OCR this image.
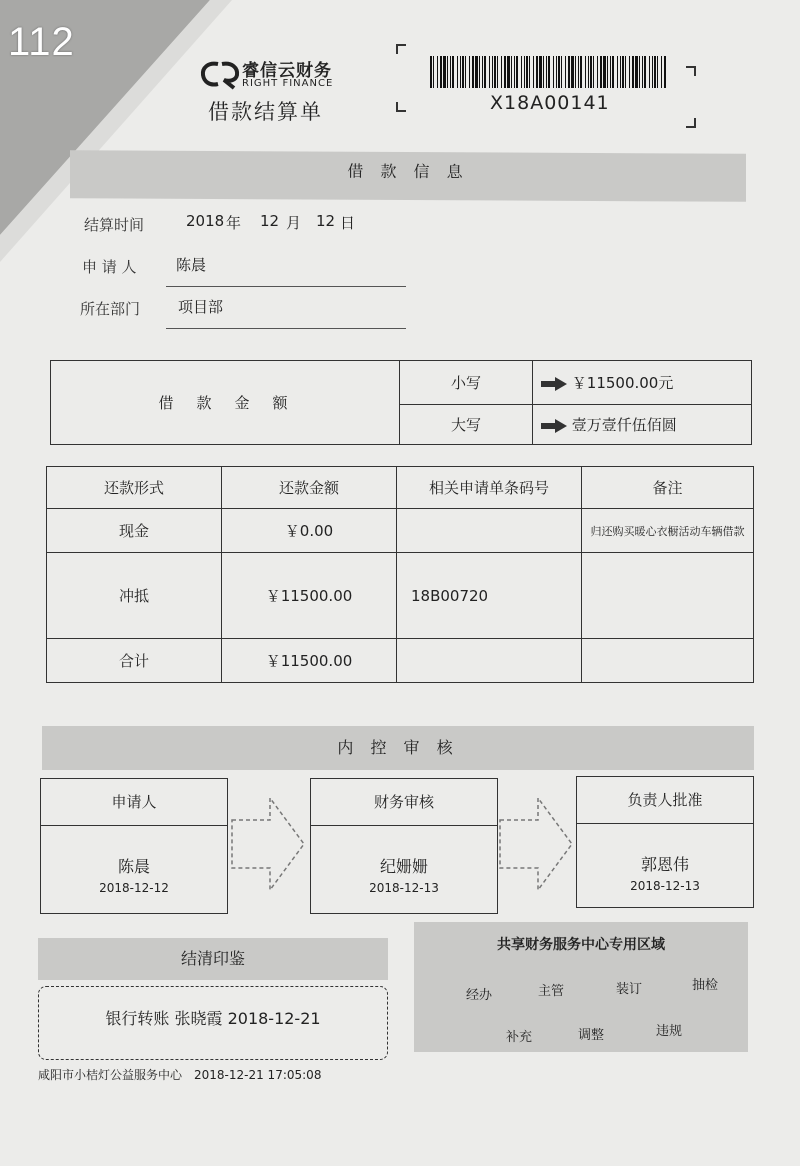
112
睿信云财务
RIGHT FINANCE
借款结算单	X18A00141
借 款 信 息
结算时间	2018 年 12 月 12 日
申 请 人	陈晨
所在部门	项目部
借　款　金　额	小写	￥11500.00元
	大写	壹万壹仟伍佰圆
还款形式	还款金额	相关申请单条码号	备注
现金	￥0.00		归还购买暖心衣橱活动车辆借款
冲抵	￥11500.00	18B00720	
合计	￥11500.00		
内 控 审 核
申请人
陈晨
2018-12-12
财务审核
纪姗姗
2018-12-13
负责人批准
郭恩伟
2018-12-13
结清印鉴
银行转账 张晓霞 2018-12-21
共享财务服务中心专用区域
经办	主管	装订	抽检
补充	调整	违规
咸阳市小桔灯公益服务中心　2018-12-21 17:05:08
